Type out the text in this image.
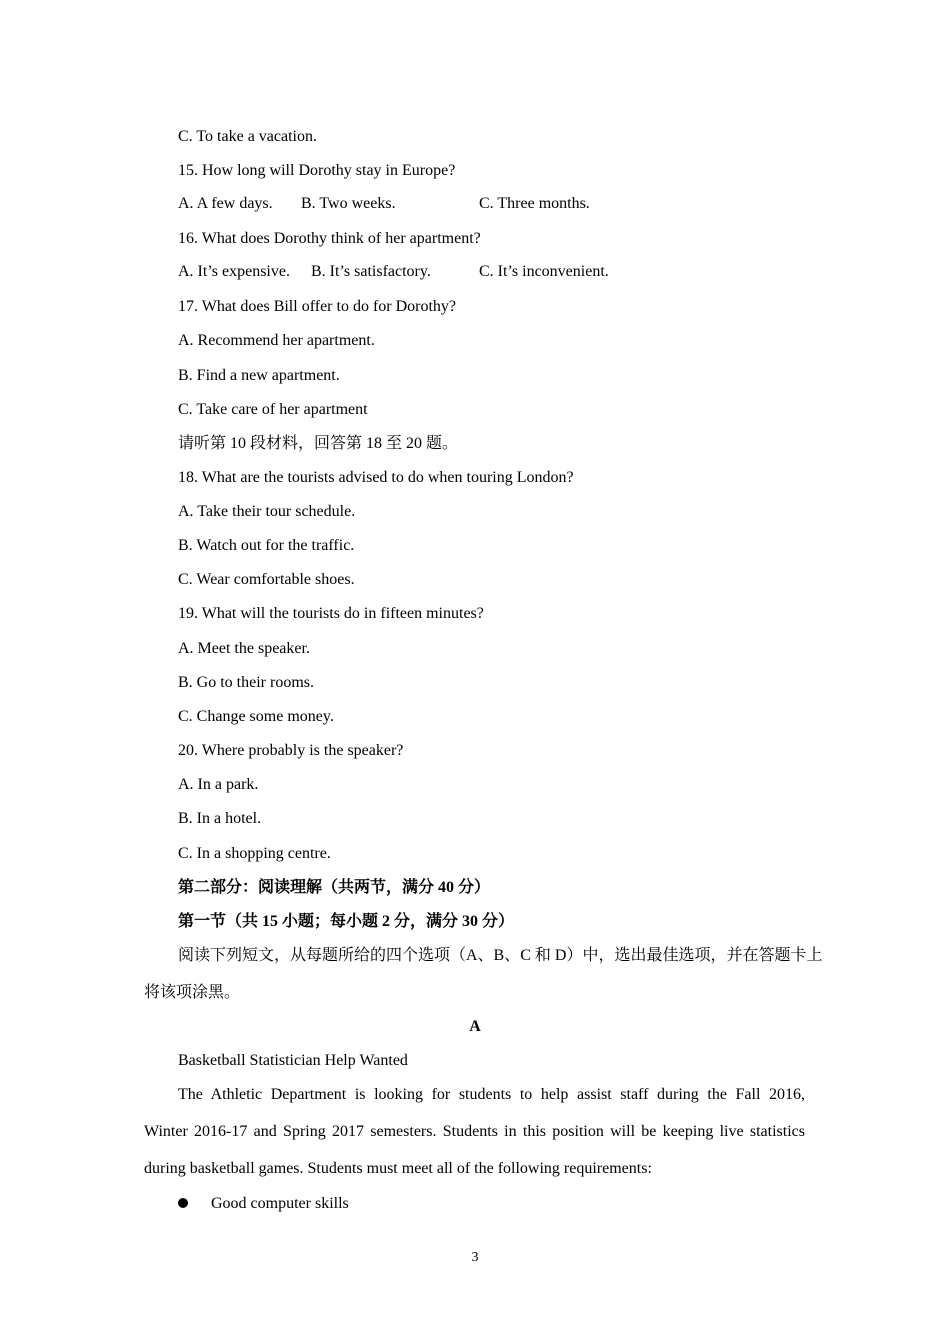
C. To take a vacation.
15. How long will Dorothy stay in Europe?
A. A few days. B. Two weeks.	C. Three months.
16. What does Dorothy think of her apartment?
A. It’s expensive. B. It’s satisfactory.	C. It’s inconvenient.
17. What does Bill offer to do for Dorothy?
A. Recommend her apartment.
B. Find a new apartment.
C. Take care of her apartment
请听第 10 段材料，回答第 18 至 20 题。
18. What are the tourists advised to do when touring London?
A. Take their tour schedule.
B. Watch out for the traffic.
C. Wear comfortable shoes.
19. What will the tourists do in fifteen minutes?
A. Meet the speaker.
B. Go to their rooms.
C. Change some money.
20. Where probably is the speaker?
A. In a park.
B. In a hotel.
C. In a shopping centre.
第二部分：阅读理解（共两节，满分 40 分）
第一节（共 15 小题；每小题 2 分，满分 30 分）
阅读下列短文，从每题所给的四个选项（A、B、C 和 D）中，选出最佳选项，并在答题卡上
将该项涂黑。
A
Basketball Statistician Help Wanted
The Athletic Department is looking for students to help assist staff during the Fall 2016,
Winter 2016-17 and Spring 2017 semesters. Students in this position will be keeping live statistics
during basketball games. Students must meet all of the following requirements:
Good computer skills
3
